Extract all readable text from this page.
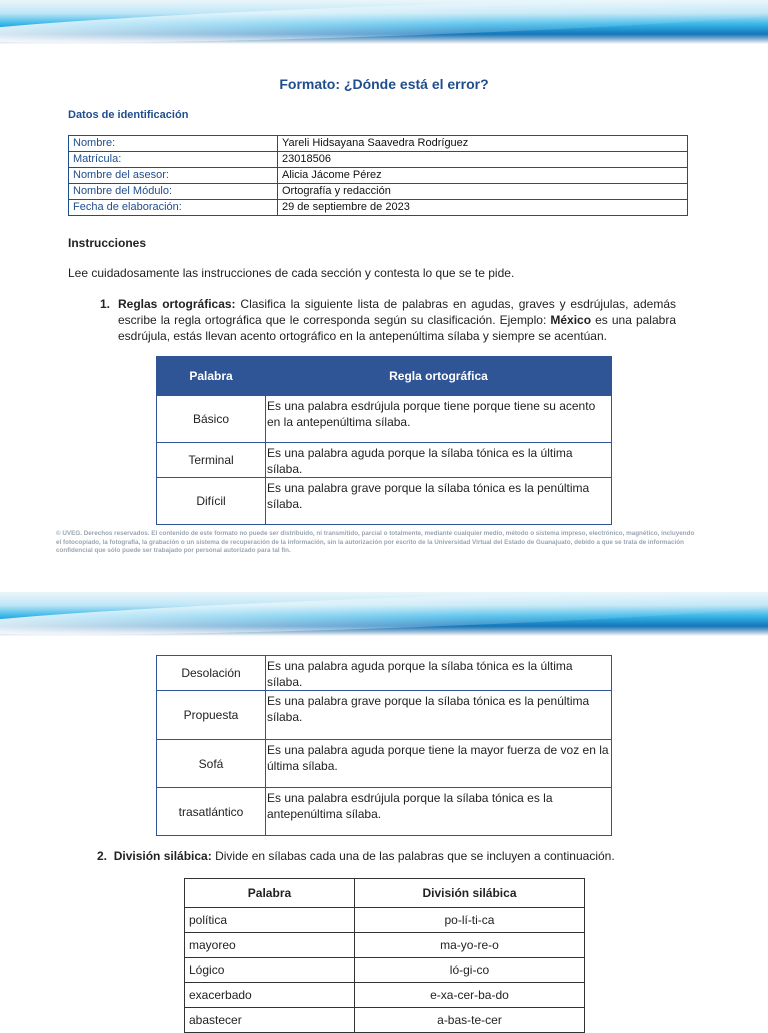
Formato: ¿Dónde está el error?
Datos de identificación
Nombre:	Yareli Hidsayana Saavedra Rodríguez
Matrícula:	23018506
Nombre del asesor:	Alicia Jácome Pérez
Nombre del Módulo:	Ortografía y redacción
Fecha de elaboración:	29 de septiembre de 2023
Instrucciones
Lee cuidadosamente las instrucciones de cada sección y contesta lo que se te pide.
1. Reglas ortográficas: Clasifica la siguiente lista de palabras en agudas, graves y esdrújulas, además escribe la regla ortográfica que le corresponda según su clasificación. Ejemplo: México es una palabra esdrújula, estás llevan acento ortográfico en la antepenúltima sílaba y siempre se acentúan.
Palabra	Regla ortográfica
Básico	Es una palabra esdrújula porque tiene porque tiene su acento en la antepenúltima sílaba.
Terminal	Es una palabra aguda porque la sílaba tónica es la última sílaba.
Difícil	Es una palabra grave porque la sílaba tónica es la penúltima sílaba.
© UVEG. Derechos reservados. El contenido de este formato no puede ser distribuido, ni transmitido, parcial o totalmente, mediante cualquier medio, método o sistema impreso, electrónico, magnético, incluyendo el fotocopiado, la fotografía, la grabación o un sistema de recuperación de la información, sin la autorización por escrito de la Universidad Virtual del Estado de Guanajuato, debido a que se trata de información confidencial que sólo puede ser trabajado por personal autorizado para tal fin.
Desolación	Es una palabra aguda porque la sílaba tónica es la última sílaba.
Propuesta	Es una palabra grave porque la sílaba tónica es la penúltima sílaba.
Sofá	Es una palabra aguda porque tiene la mayor fuerza de voz en la última sílaba.
trasatlántico	Es una palabra esdrújula porque la sílaba tónica es la antepenúltima sílaba.
2. División silábica: Divide en sílabas cada una de las palabras que se incluyen a continuación.
Palabra	División silábica
política	po-lí-ti-ca
mayoreo	ma-yo-re-o
Lógico	ló-gi-co
exacerbado	e-xa-cer-ba-do
abastecer	a-bas-te-cer
